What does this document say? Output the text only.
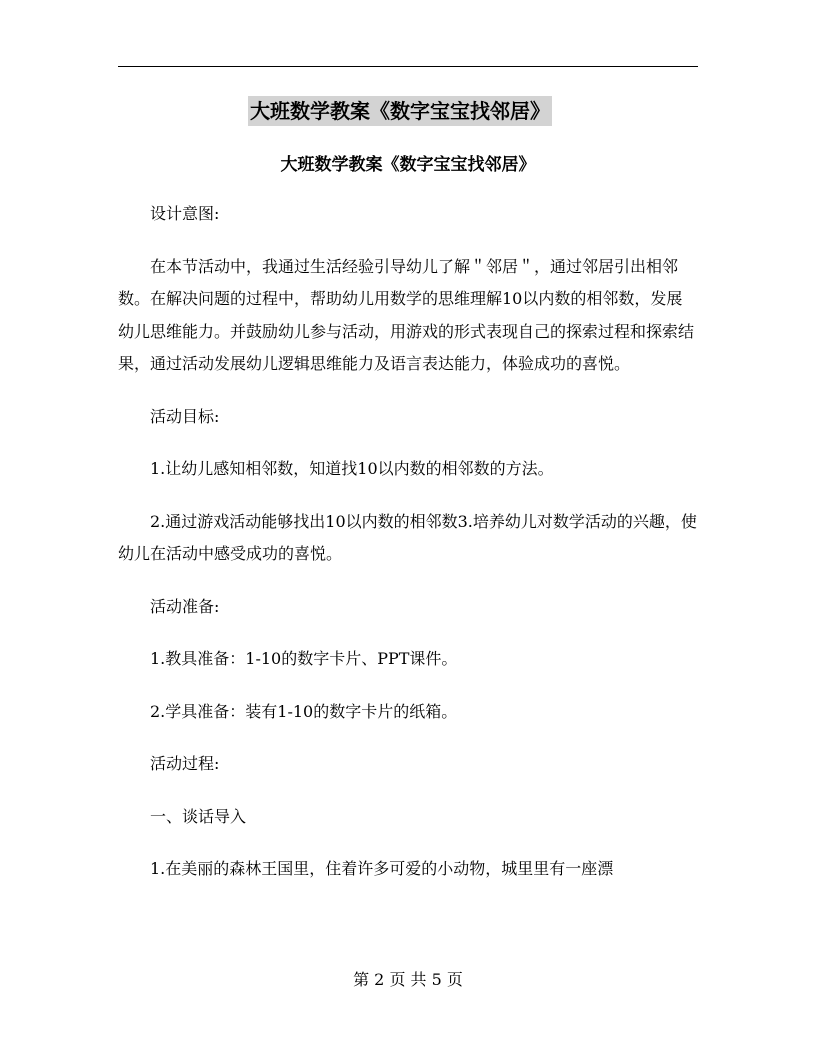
大班数学教案《数字宝宝找邻居》
大班数学教案《数字宝宝找邻居》

设计意图:

在本节活动中，我通过生活经验引导幼儿了解＂邻居＂，通过邻居引出相邻数。在解决问题的过程中，帮助幼儿用数学的思维理解10以内数的相邻数，发展幼儿思维能力。并鼓励幼儿参与活动，用游戏的形式表现自己的探索过程和探索结果，通过活动发展幼儿逻辑思维能力及语言表达能力，体验成功的喜悦。

活动目标:

1.让幼儿感知相邻数，知道找10以内数的相邻数的方法。

2.通过游戏活动能够找出10以内数的相邻数3.培养幼儿对数学活动的兴趣，使幼儿在活动中感受成功的喜悦。

活动准备:

1.教具准备：1-10的数字卡片、PPT课件。

2.学具准备：装有1-10的数字卡片的纸箱。

活动过程:

一、谈话导入

1.在美丽的森林王国里，住着许多可爱的小动物，城里里有一座漂

第 2 页 共 5 页
